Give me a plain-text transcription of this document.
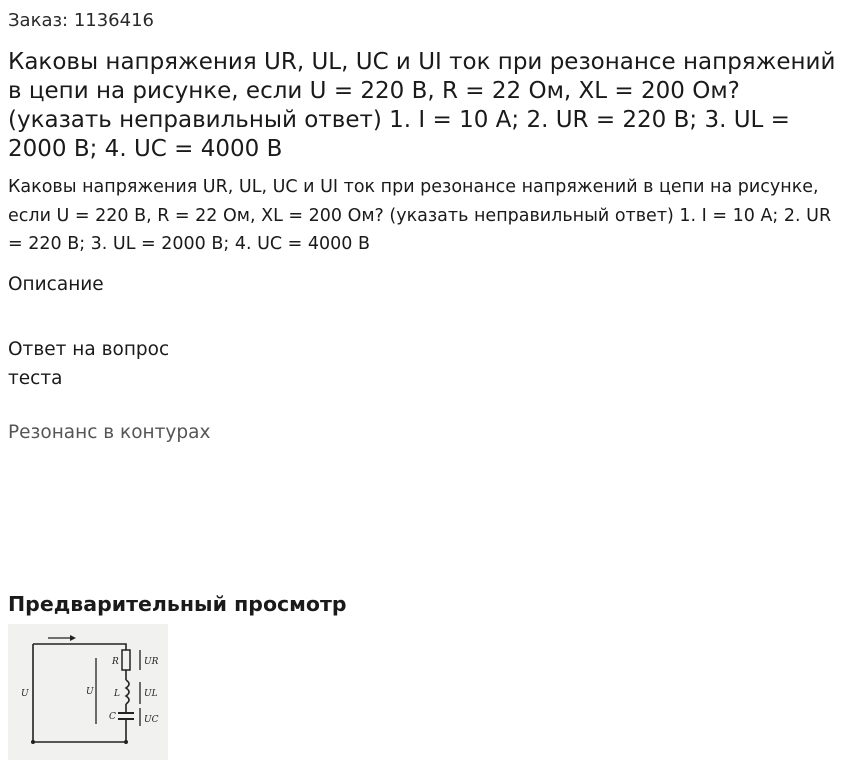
Заказ: 1136416
Каковы напряжения UR, UL, UC и UI ток при резонансе напряжений в цепи на рисунке, если U = 220 В, R = 22 Ом, XL = 200 Ом? (указать неправильный ответ) 1. I = 10 А; 2. UR = 220 В; 3. UL = 2000 В; 4. UC = 4000 В

Каковы напряжения UR, UL, UC и UI ток при резонансе напряжений в цепи на рисунке, если U = 220 В, R = 22 Ом, XL = 200 Ом? (указать неправильный ответ) 1. I = 10 А; 2. UR = 220 В; 3. UL = 2000 В; 4. UC = 4000 В

Описание
Ответ на вопрос
теста
Резонанс в контурах
Предварительный просмотр
U	U
R
L
C
UR
UL
UC
